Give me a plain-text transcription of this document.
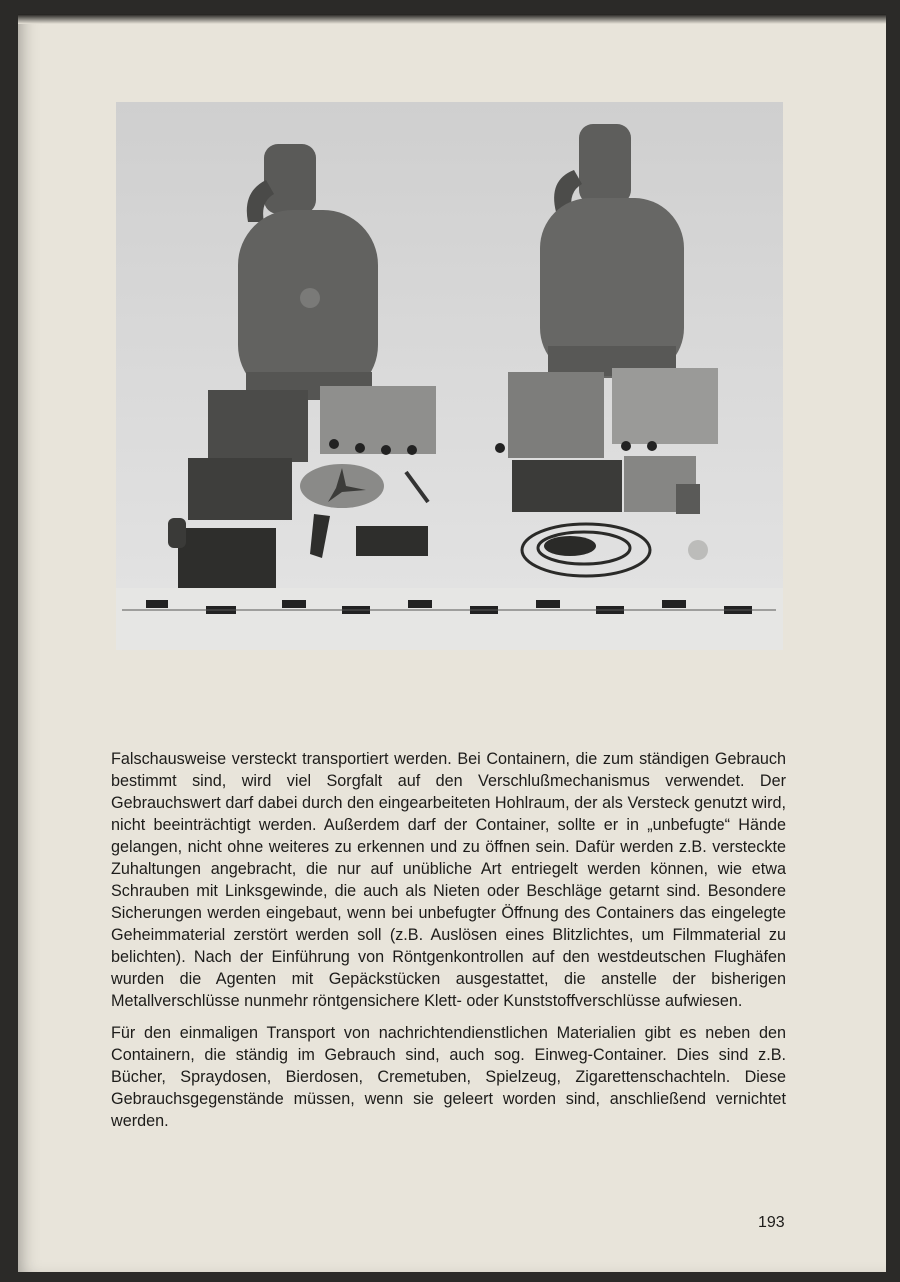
Falschausweise versteckt transportiert werden. Bei Containern, die zum ständigen Gebrauch bestimmt sind, wird viel Sorgfalt auf den Verschlußmechanismus verwendet. Der Gebrauchswert darf dabei durch den eingearbeiteten Hohlraum, der als Versteck genutzt wird, nicht beeinträchtigt werden. Außerdem darf der Container, sollte er in „unbefugte“ Hände gelangen, nicht ohne weiteres zu erkennen und zu öffnen sein. Dafür werden z.B. versteckte Zuhaltungen angebracht, die nur auf unübliche Art entriegelt werden können, wie etwa Schrauben mit Linksgewinde, die auch als Nieten oder Beschläge getarnt sind. Besondere Sicherungen werden eingebaut, wenn bei unbefugter Öffnung des Containers das eingelegte Geheimmaterial zerstört werden soll (z.B. Auslösen eines Blitzlichtes, um Filmmaterial zu belichten). Nach der Einführung von Röntgenkontrollen auf den westdeutschen Flughäfen wurden die Agenten mit Gepäckstücken ausgestattet, die anstelle der bisherigen Metallverschlüsse nunmehr röntgensichere Klett- oder Kunststoffverschlüsse aufwiesen.

Für den einmaligen Transport von nachrichtendienstlichen Materialien gibt es neben den Containern, die ständig im Gebrauch sind, auch sog. Einweg-Container. Dies sind z.B. Bücher, Spraydosen, Bierdosen, Cremetuben, Spielzeug, Zigarettenschachteln. Diese Gebrauchsgegenstände müssen, wenn sie geleert worden sind, anschließend vernichtet werden.

193
